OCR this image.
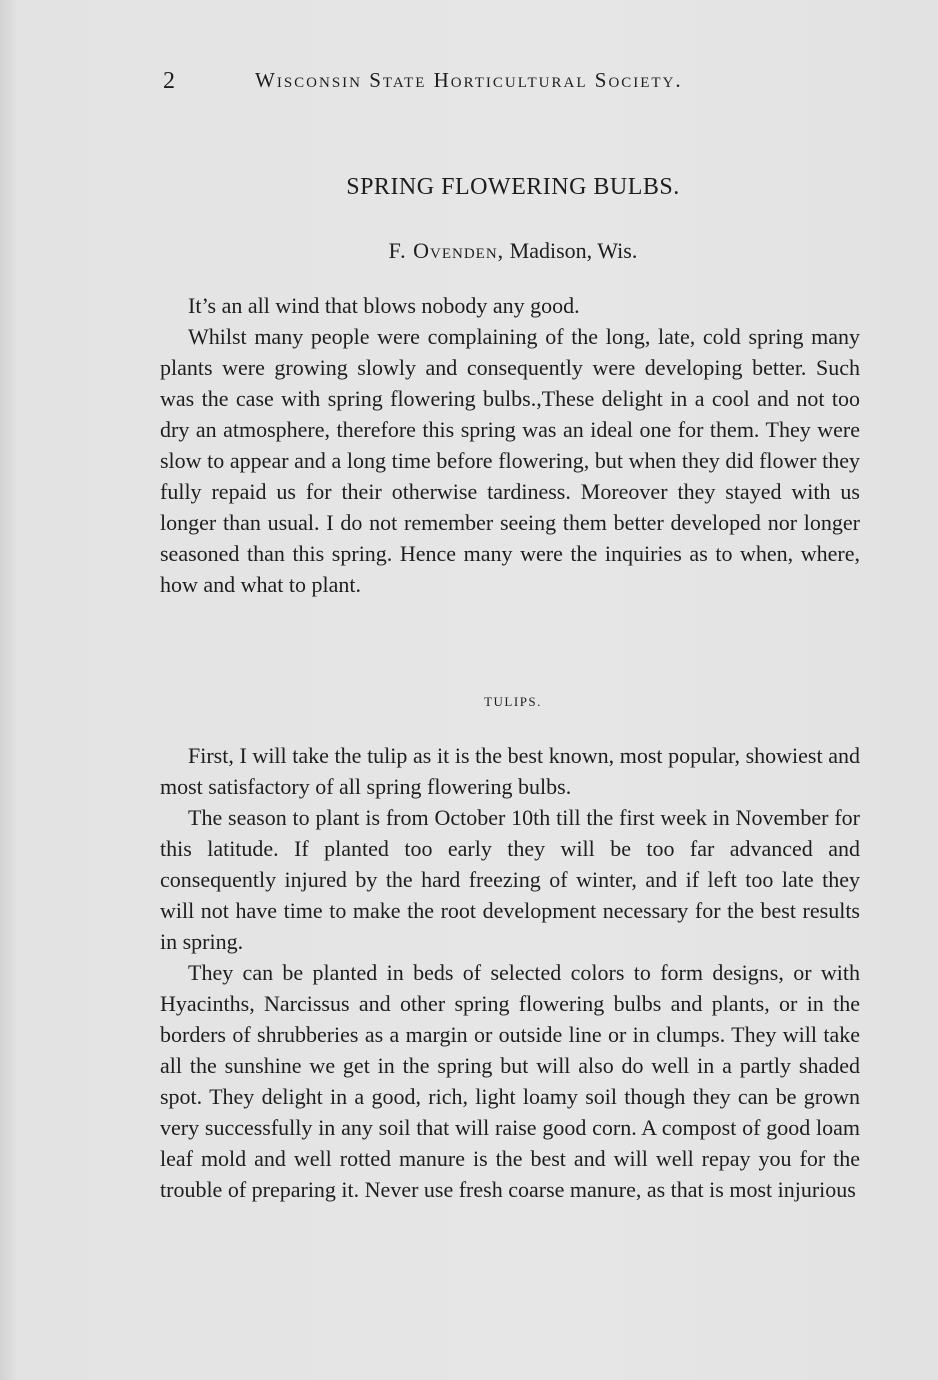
2	Wisconsin State Horticultural Society.
SPRING FLOWERING BULBS.
F. Ovenden, Madison, Wis.

It’s an all wind that blows nobody any good.

Whilst many people were complaining of the long, late, cold spring many plants were growing slowly and consequently were developing better. Such was the case with spring flowering bulbs.,These delight in a cool and not too dry an atmosphere, therefore this spring was an ideal one for them. They were slow to appear and a long time before flowering, but when they did flower they fully repaid us for their otherwise tardiness. Moreover they stayed with us longer than usual. I do not remember seeing them better developed nor longer seasoned than this spring. Hence many were the inquiries as to when, where, how and what to plant.

TULIPS.

First, I will take the tulip as it is the best known, most popular, showiest and most satisfactory of all spring flowering bulbs.

The season to plant is from October 10th till the first week in November for this latitude. If planted too early they will be too far advanced and consequently injured by the hard freezing of winter, and if left too late they will not have time to make the root development necessary for the best results in spring.

They can be planted in beds of selected colors to form designs, or with Hyacinths, Narcissus and other spring flowering bulbs and plants, or in the borders of shrubberies as a margin or outside line or in clumps. They will take all the sunshine we get in the spring but will also do well in a partly shaded spot. They delight in a good, rich, light loamy soil though they can be grown very successfully in any soil that will raise good corn. A compost of good loam leaf mold and well rotted manure is the best and will well repay you for the trouble of preparing it. Never use fresh coarse manure, as that is most injurious
